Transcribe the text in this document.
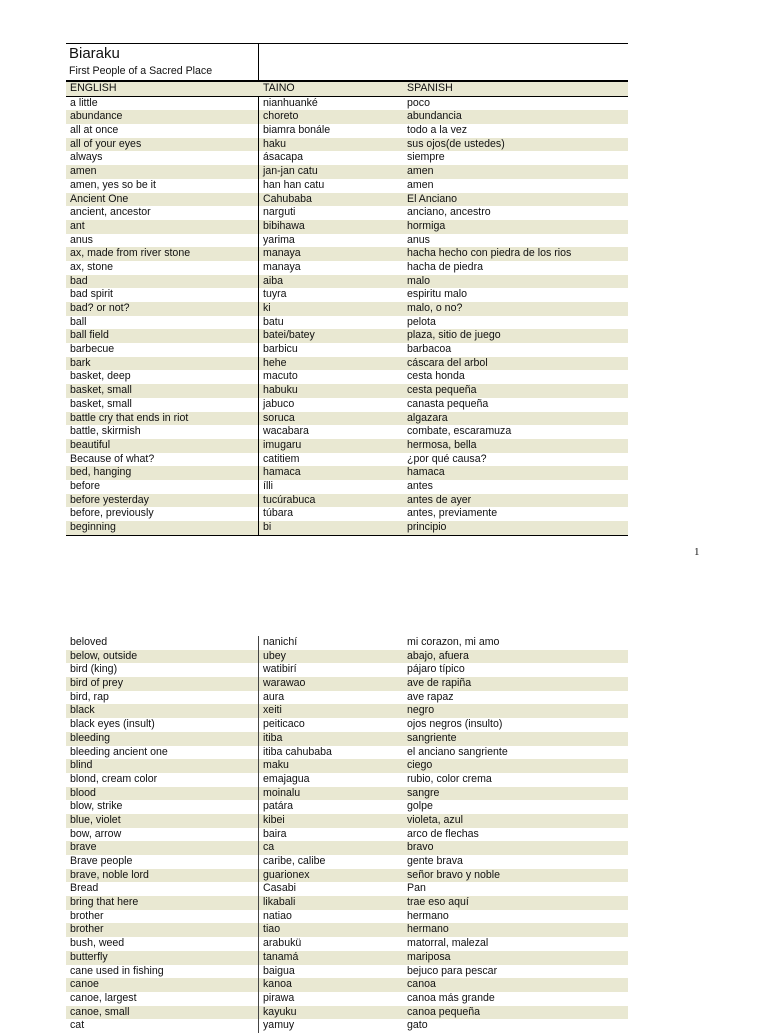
Biaraku
First People of a Sacred Place
ENGLISH	TAINO	SPANISH
a little	nianhuanké	poco
abundance	choreto	abundancia
all at once	biamra bonále	todo a la vez
all of your eyes	haku	sus ojos(de ustedes)
always	ásacapa	siempre
amen	jan-jan catu	amen
amen, yes so be it	han han catu	amen
Ancient One	Cahubaba	El Anciano
ancient, ancestor	narguti	anciano, ancestro
ant	bibihawa	hormiga
anus	yarima	anus
ax, made from river stone	manaya	hacha hecho con piedra de los rios
ax, stone	manaya	hacha de piedra
bad	aiba	malo
bad spirit	tuyra	espiritu malo
bad? or not?	ki	malo, o no?
ball	batu	pelota
ball field	batei/batey	plaza, sitio de juego
barbecue	barbicu	barbacoa
bark	hehe	cáscara del arbol
basket, deep	macuto	cesta honda
basket, small	habuku	cesta pequeña
basket, small	jabuco	canasta pequeña
battle cry that ends in riot	soruca	algazara
battle, skirmish	wacabara	combate, escaramuza
beautiful	imugaru	hermosa, bella
Because of what?	catitiem	¿por qué causa?
bed, hanging	hamaca	hamaca
before	ílli	antes
before yesterday	tucúrabuca	antes de ayer
before, previously	túbara	antes, previamente
beginning	bi	principio
1
beloved	nanichí	mi corazon, mi amo
below, outside	ubey	abajo, afuera
bird (king)	watibirí	pájaro típico
bird of prey	warawao	ave de rapiña
bird, rap	aura	ave rapaz
black	xeiti	negro
black eyes (insult)	peiticaco	ojos negros (insulto)
bleeding	itiba	sangriente
bleeding ancient one	itiba cahubaba	el anciano sangriente
blind	maku	ciego
blond, cream color	emajagua	rubio, color crema
blood	moinalu	sangre
blow, strike	patára	golpe
blue, violet	kibei	violeta, azul
bow, arrow	baira	arco de flechas
brave	ca	bravo
Brave people	caribe, calibe	gente brava
brave, noble lord	guarionex	señor bravo y noble
Bread	Casabi	Pan
bring that here	likabali	trae eso aquí
brother	natiao	hermano
brother	tiao	hermano
bush, weed	arabukü	matorral, malezal
butterfly	tanamá	mariposa
cane used in fishing	baigua	bejuco para pescar
canoe	kanoa	canoa
canoe, largest	pirawa	canoa más grande
canoe, small	kayuku	canoa pequeña
cat	yamuy	gato
